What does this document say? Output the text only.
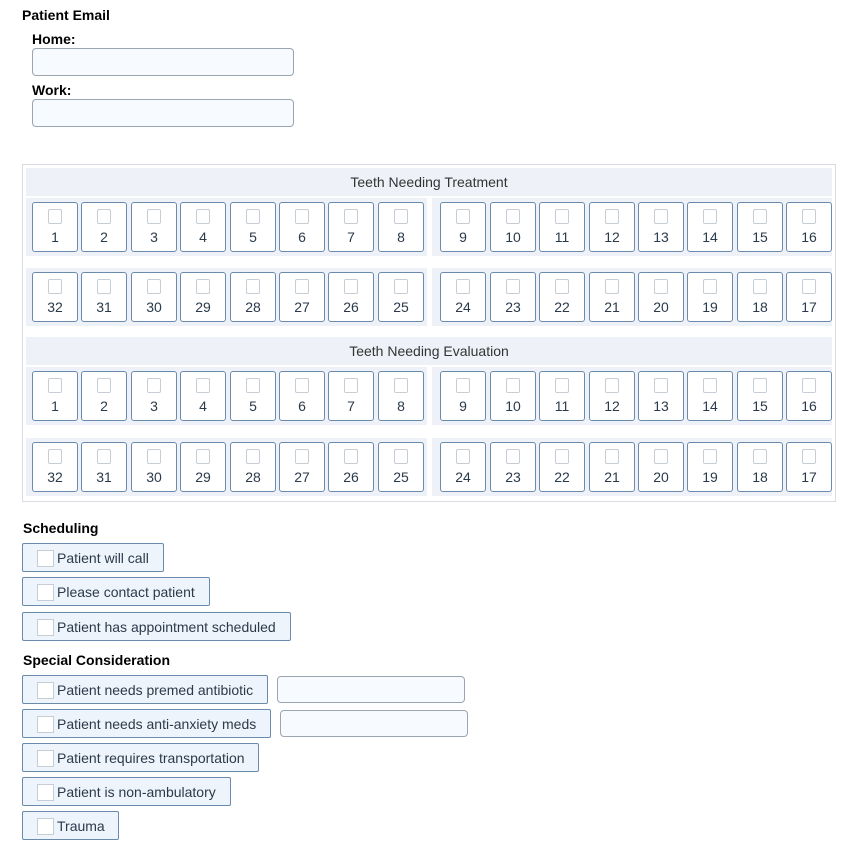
Patient Email
Home:
Work:
Teeth Needing Treatment
1	2	3	4	5	6	7	8	9	10	11	12	13	14	15	16
32	31	30	29	28	27	26	25	24	23	22	21	20	19	18	17
Teeth Needing Evaluation
1	2	3	4	5	6	7	8	9	10	11	12	13	14	15	16
32	31	30	29	28	27	26	25	24	23	22	21	20	19	18	17
Scheduling
Patient will call
Please contact patient
Patient has appointment scheduled
Special Consideration
Patient needs premed antibiotic
Patient needs anti-anxiety meds
Patient requires transportation
Patient is non-ambulatory
Trauma
